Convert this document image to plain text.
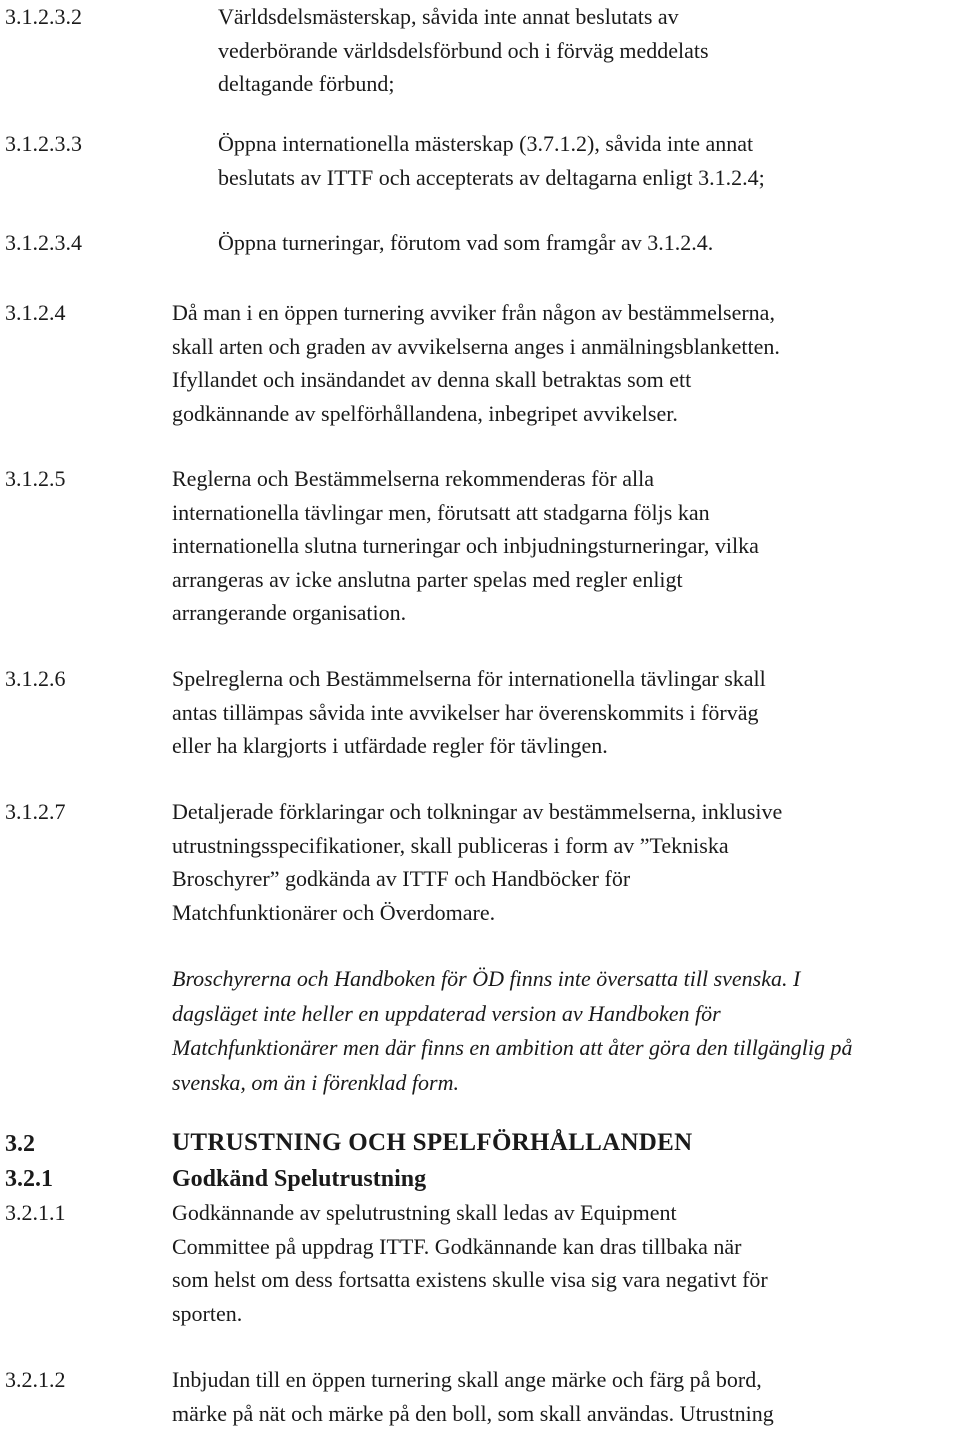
3.1.2.3.2	Världsdelsmästerskap, såvida inte annat beslutats av
vederbörande världsdelsförbund och i förväg meddelats
deltagande förbund;
3.1.2.3.3	Öppna internationella mästerskap (3.7.1.2), såvida inte annat
beslutats av ITTF och accepterats av deltagarna enligt 3.1.2.4;
3.1.2.3.4	Öppna turneringar, förutom vad som framgår av 3.1.2.4.
3.1.2.4	Då man i en öppen turnering avviker från någon av bestämmelserna,
skall arten och graden av avvikelserna anges i anmälningsblanketten.
Ifyllandet och insändandet av denna skall betraktas som ett
godkännande av spelförhållandena, inbegripet avvikelser.
3.1.2.5	Reglerna och Bestämmelserna rekommenderas för alla
internationella tävlingar men, förutsatt att stadgarna följs kan
internationella slutna turneringar och inbjudningsturneringar, vilka
arrangeras av icke anslutna parter spelas med regler enligt
arrangerande organisation.
3.1.2.6	Spelreglerna och Bestämmelserna för internationella tävlingar skall
antas tillämpas såvida inte avvikelser har överenskommits i förväg
eller ha klargjorts i utfärdade regler för tävlingen.
3.1.2.7	Detaljerade förklaringar och tolkningar av bestämmelserna, inklusive
utrustningsspecifikationer, skall publiceras i form av ”Tekniska
Broschyrer” godkända av ITTF och Handböcker för
Matchfunktionärer och Överdomare.
Broschyrerna och Handboken för ÖD finns inte översatta till svenska. I
dagsläget inte heller en uppdaterad version av Handboken för
Matchfunktionärer men där finns en ambition att åter göra den tillgänglig på
svenska, om än i förenklad form.
3.2	UTRUSTNING OCH SPELFÖRHÅLLANDEN
3.2.1	Godkänd Spelutrustning
3.2.1.1	Godkännande av spelutrustning skall ledas av Equipment
Committee på uppdrag ITTF. Godkännande kan dras tillbaka när
som helst om dess fortsatta existens skulle visa sig vara negativt för
sporten.
3.2.1.2	Inbjudan till en öppen turnering skall ange märke och färg på bord,
märke på nät och märke på den boll, som skall användas. Utrustning
